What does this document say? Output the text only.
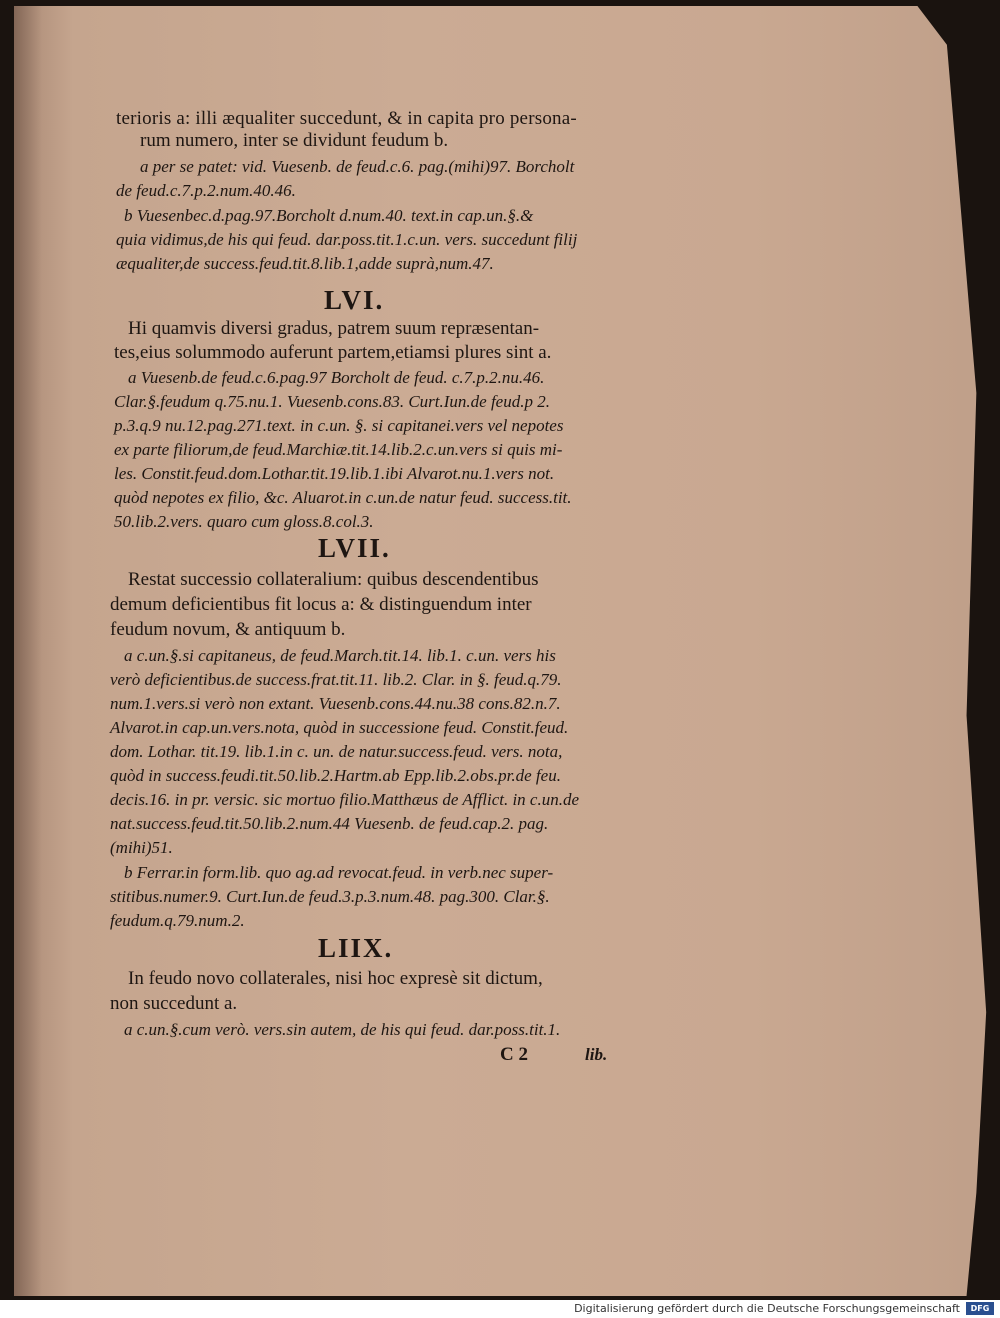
terioris a: illi æqualiter succedunt, & in capita pro persona-
rum numero, inter se dividunt feudum b.
a per se patet: vid. Vuesenb. de feud.c.6. pag.(mihi)97. Borcholt
de feud.c.7.p.2.num.40.46.
b Vuesenbec.d.pag.97.Borcholt d.num.40. text.in cap.un.§.&
quia vidimus,de his qui feud. dar.poss.tit.1.c.un. vers. succedunt filij
æqualiter,de success.feud.tit.8.lib.1,adde suprà,num.47.
LVI.
Hi quamvis diversi gradus, patrem suum repræsentan-
tes,eius solummodo auferunt partem,etiamsi plures sint a.
a Vuesenb.de feud.c.6.pag.97 Borcholt de feud. c.7.p.2.nu.46.
Clar.§.feudum q.75.nu.1. Vuesenb.cons.83. Curt.Iun.de feud.p 2.
p.3.q.9 nu.12.pag.271.text. in c.un. §. si capitanei.vers vel nepotes
ex parte filiorum,de feud.Marchiæ.tit.14.lib.2.c.un.vers si quis mi-
les. Constit.feud.dom.Lothar.tit.19.lib.1.ibi Alvarot.nu.1.vers not.
quòd nepotes ex filio, &c. Aluarot.in c.un.de natur feud. success.tit.
50.lib.2.vers. quaro cum gloss.8.col.3.
LVII.
Restat successio collateralium: quibus descendentibus
demum deficientibus fit locus a: & distinguendum inter
feudum novum, & antiquum b.
a c.un.§.si capitaneus, de feud.March.tit.14. lib.1. c.un. vers his
verò deficientibus.de success.frat.tit.11. lib.2. Clar. in §. feud.q.79.
num.1.vers.si verò non extant. Vuesenb.cons.44.nu.38 cons.82.n.7.
Alvarot.in cap.un.vers.nota, quòd in successione feud. Constit.feud.
dom. Lothar. tit.19. lib.1.in c. un. de natur.success.feud. vers. nota,
quòd in success.feudi.tit.50.lib.2.Hartm.ab Epp.lib.2.obs.pr.de feu.
decis.16. in pr. versic. sic mortuo filio.Matthæus de Afflict. in c.un.de
nat.success.feud.tit.50.lib.2.num.44 Vuesenb. de feud.cap.2. pag.
(mihi)51.
b Ferrar.in form.lib. quo ag.ad revocat.feud. in verb.nec super-
stitibus.numer.9. Curt.Iun.de feud.3.p.3.num.48. pag.300. Clar.§.
feudum.q.79.num.2.
LIIX.
In feudo novo collaterales, nisi hoc expresè sit dictum,
non succedunt a.
a c.un.§.cum verò. vers.sin autem, de his qui feud. dar.poss.tit.1.
C 2	lib.
Digitalisierung gefördert durch die Deutsche Forschungsgemeinschaft	DFG
